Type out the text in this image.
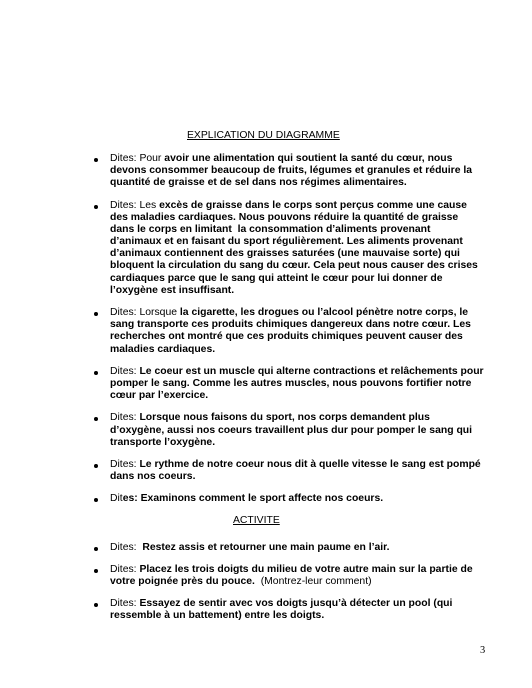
EXPLICATION DU DIAGRAMME
Dites: Pour avoir une alimentation qui soutient la santé du cœur, nous
devons consommer beaucoup de fruits, légumes et granules et réduire la
quantité de graisse et de sel dans nos régimes alimentaires.
Dites: Les excès de graisse dans le corps sont perçus comme une cause
des maladies cardiaques. Nous pouvons réduire la quantité de graisse
dans le corps en limitant  la consommation d’aliments provenant
d’animaux et en faisant du sport régulièrement. Les aliments provenant
d’animaux contiennent des graisses saturées (une mauvaise sorte) qui
bloquent la circulation du sang du cœur. Cela peut nous causer des crises
cardiaques parce que le sang qui atteint le cœur pour lui donner de
l’oxygène est insuffisant.
Dites: Lorsque la cigarette, les drogues ou l’alcool pénètre notre corps, le
sang transporte ces produits chimiques dangereux dans notre cœur. Les
recherches ont montré que ces produits chimiques peuvent causer des
maladies cardiaques.
Dites: Le coeur est un muscle qui alterne contractions et relâchements pour
pomper le sang. Comme les autres muscles, nous pouvons fortifier notre
cœur par l’exercice.
Dites: Lorsque nous faisons du sport, nos corps demandent plus
d’oxygène, aussi nos coeurs travaillent plus dur pour pomper le sang qui
transporte l’oxygène.
Dites: Le rythme de notre coeur nous dit à quelle vitesse le sang est pompé
dans nos coeurs.
Dites: Examinons comment le sport affecte nos coeurs.
ACTIVITE
Dites:  Restez assis et retourner une main paume en l’air.
Dites: Placez les trois doigts du milieu de votre autre main sur la partie de
votre poignée près du pouce.  (Montrez-leur comment)
Dites: Essayez de sentir avec vos doigts jusqu’à détecter un pool (qui
ressemble à un battement) entre les doigts.
3
